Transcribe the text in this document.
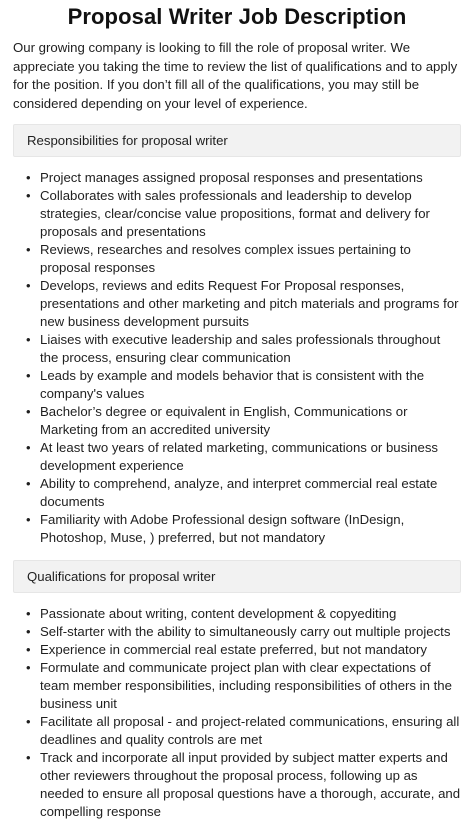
Proposal Writer Job Description

Our growing company is looking to fill the role of proposal writer. We appreciate you taking the time to review the list of qualifications and to apply for the position. If you don’t fill all of the qualifications, you may still be considered depending on your level of experience.

Responsibilities for proposal writer
• Project manages assigned proposal responses and presentations
• Collaborates with sales professionals and leadership to develop strategies, clear/concise value propositions, format and delivery for proposals and presentations
• Reviews, researches and resolves complex issues pertaining to proposal responses
• Develops, reviews and edits Request For Proposal responses, presentations and other marketing and pitch materials and programs for new business development pursuits
• Liaises with executive leadership and sales professionals throughout the process, ensuring clear communication
• Leads by example and models behavior that is consistent with the company's values
• Bachelor’s degree or equivalent in English, Communications or Marketing from an accredited university
• At least two years of related marketing, communications or business development experience
• Ability to comprehend, analyze, and interpret commercial real estate documents
• Familiarity with Adobe Professional design software (InDesign, Photoshop, Muse, ) preferred, but not mandatory
Qualifications for proposal writer
• Passionate about writing, content development & copyediting
• Self-starter with the ability to simultaneously carry out multiple projects
• Experience in commercial real estate preferred, but not mandatory
• Formulate and communicate project plan with clear expectations of team member responsibilities, including responsibilities of others in the business unit
• Facilitate all proposal - and project-related communications, ensuring all deadlines and quality controls are met
• Track and incorporate all input provided by subject matter experts and other reviewers throughout the proposal process, following up as needed to ensure all proposal questions have a thorough, accurate, and compelling response
